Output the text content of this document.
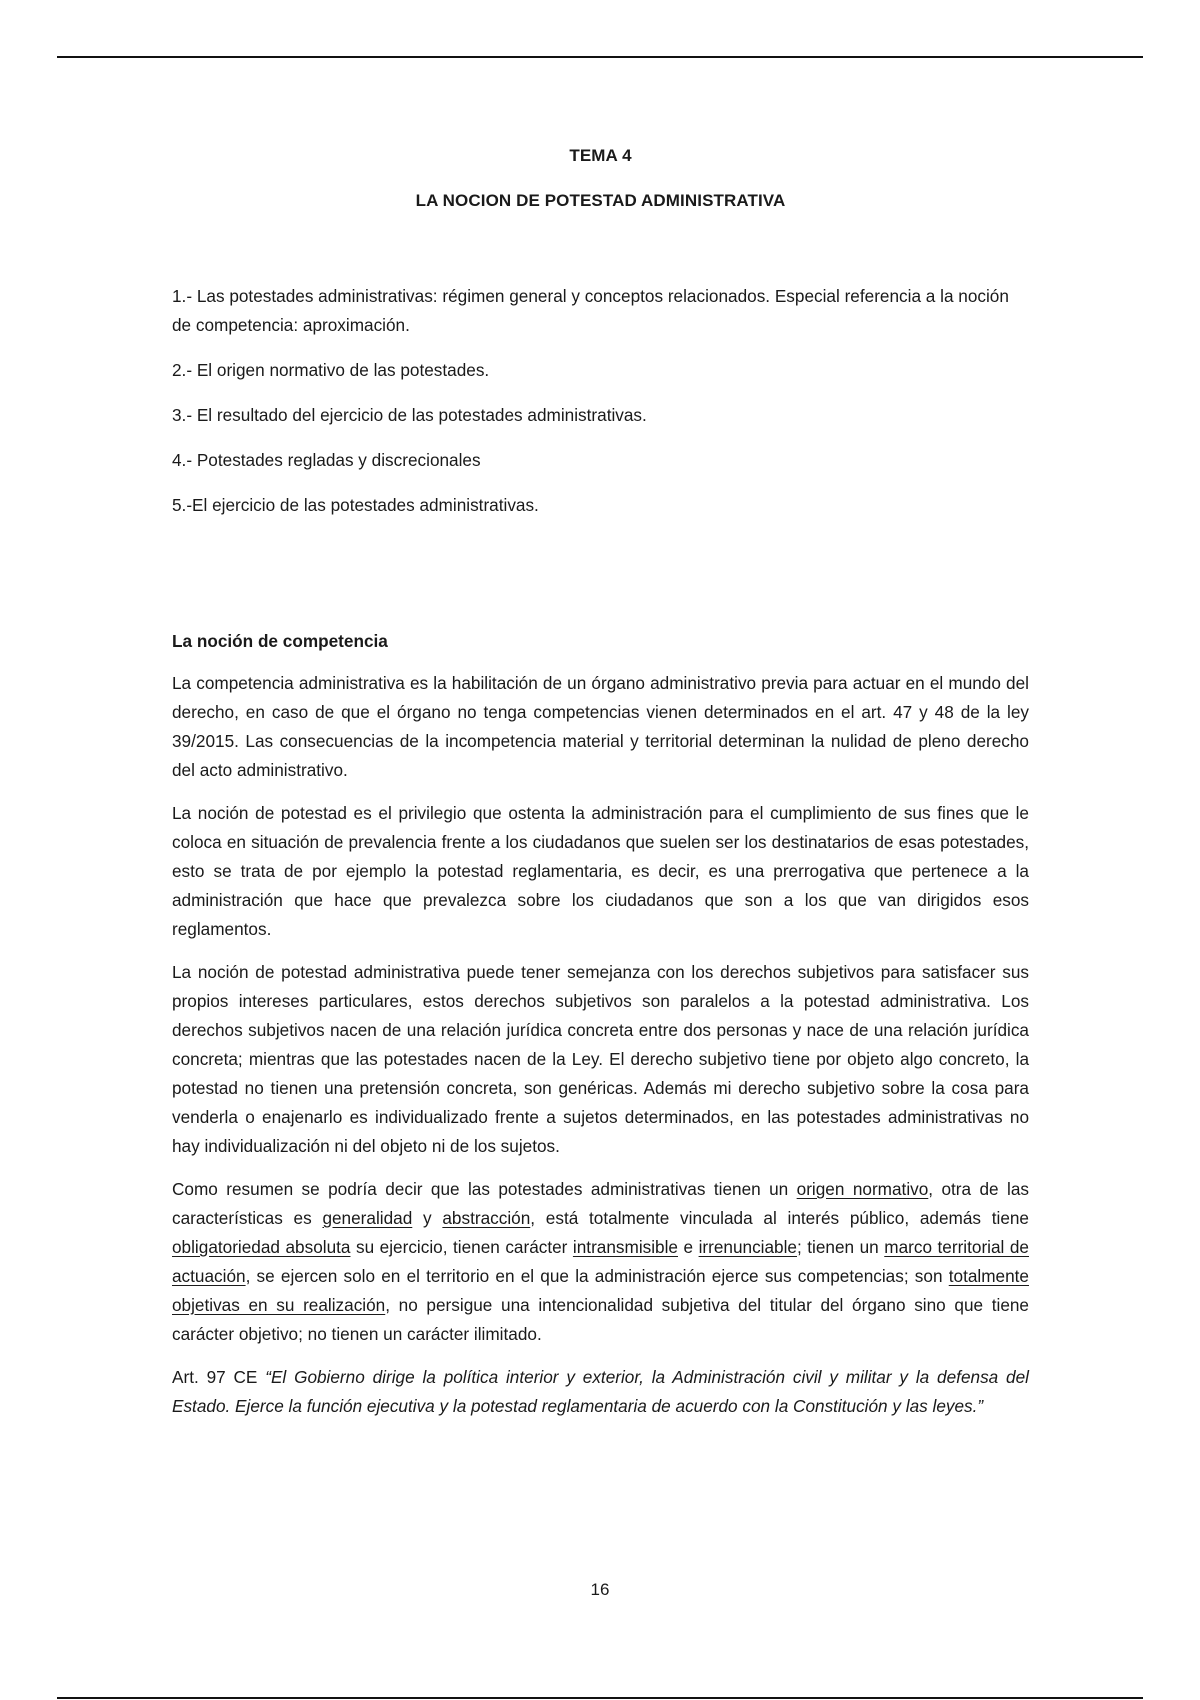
TEMA 4
LA NOCION DE POTESTAD ADMINISTRATIVA
1.- Las potestades administrativas: régimen general y conceptos relacionados. Especial referencia a la noción de competencia: aproximación.
2.- El origen normativo de las potestades.
3.- El resultado del ejercicio de las potestades administrativas.
4.- Potestades regladas y discrecionales
5.-El ejercicio de las potestades administrativas.
La noción de competencia

La competencia administrativa es la habilitación de un órgano administrativo previa para actuar en el mundo del derecho, en caso de que el órgano no tenga competencias vienen determinados en el art. 47 y 48 de la ley 39/2015. Las consecuencias de la incompetencia material y territorial determinan la nulidad de pleno derecho del acto administrativo.

La noción de potestad es el privilegio que ostenta la administración para el cumplimiento de sus fines que le coloca en situación de prevalencia frente a los ciudadanos que suelen ser los destinatarios de esas potestades, esto se trata de por ejemplo la potestad reglamentaria, es decir, es una prerrogativa que pertenece a la administración que hace que prevalezca sobre los ciudadanos que son a los que van dirigidos esos reglamentos.

La noción de potestad administrativa puede tener semejanza con los derechos subjetivos para satisfacer sus propios intereses particulares, estos derechos subjetivos son paralelos a la potestad administrativa. Los derechos subjetivos nacen de una relación jurídica concreta entre dos personas y nace de una relación jurídica concreta; mientras que las potestades nacen de la Ley. El derecho subjetivo tiene por objeto algo concreto, la potestad no tienen una pretensión concreta, son genéricas. Además mi derecho subjetivo sobre la cosa para venderla o enajenarlo es individualizado frente a sujetos determinados, en las potestades administrativas no hay individualización ni del objeto ni de los sujetos.

Como resumen se podría decir que las potestades administrativas tienen un origen normativo, otra de las características es generalidad y abstracción, está totalmente vinculada al interés público, además tiene obligatoriedad absoluta su ejercicio, tienen carácter intransmisible e irrenunciable; tienen un marco territorial de actuación, se ejercen solo en el territorio en el que la administración ejerce sus competencias; son totalmente objetivas en su realización, no persigue una intencionalidad subjetiva del titular del órgano sino que tiene carácter objetivo; no tienen un carácter ilimitado.

Art. 97 CE “El Gobierno dirige la política interior y exterior, la Administración civil y militar y la defensa del Estado. Ejerce la función ejecutiva y la potestad reglamentaria de acuerdo con la Constitución y las leyes.”

16
